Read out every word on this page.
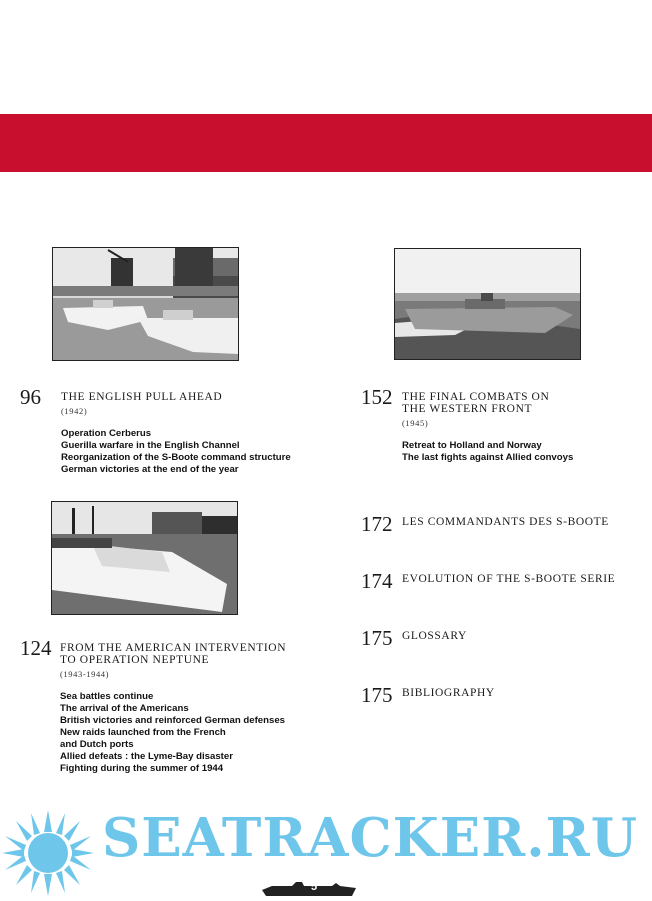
96 THE ENGLISH PULL AHEAD
(1942)
Operation Cerberus
Guerilla warfare in the English Channel
Reorganization of the S-Boote command structure
German victories at the end of the year
124 FROM THE AMERICAN INTERVENTION
TO OPERATION NEPTUNE
(1943-1944)
Sea battles continue
The arrival of the Americans
British victories and reinforced German defenses
New raids launched from the French
and Dutch ports
Allied defeats : the Lyme-Bay disaster
Fighting during the summer of 1944
152 THE FINAL COMBATS ON
THE WESTERN FRONT
(1945)
Retreat to Holland and Norway
The last fights against Allied convoys
172 LES COMMANDANTS DES S-BOOTE
174 EVOLUTION OF THE S-BOOTE SERIE
175 GLOSSARY
175 BIBLIOGRAPHY
SEATRACKER.RU
5
